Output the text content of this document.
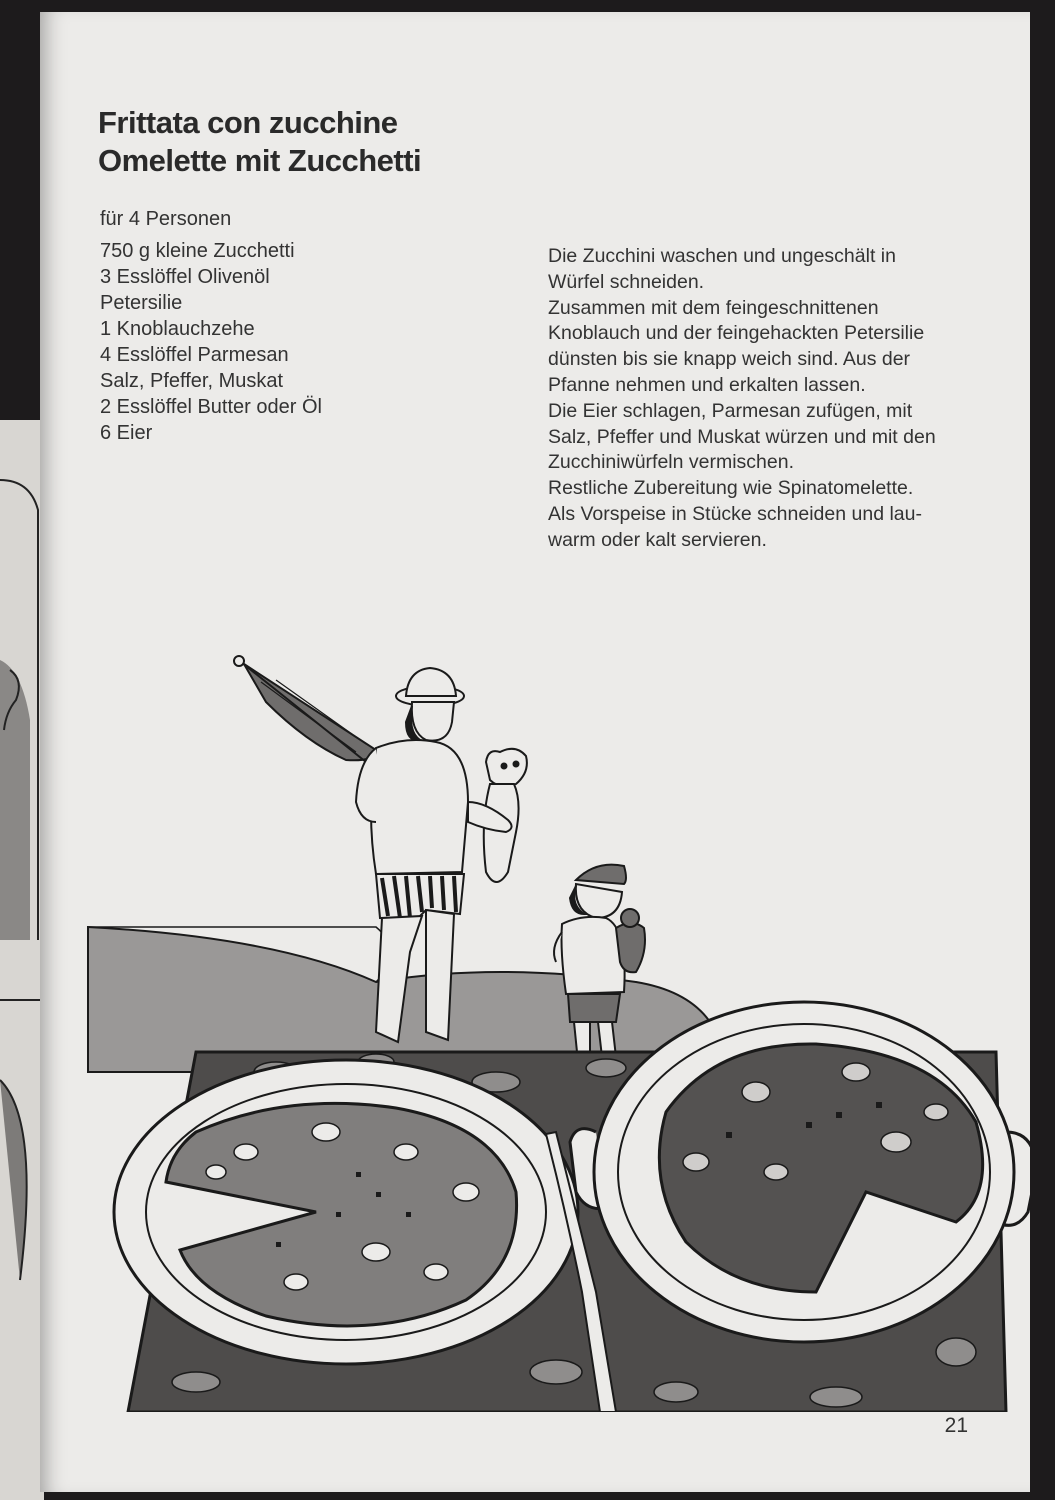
Frittata con zucchine
Omelette mit Zucchetti
für 4 Personen
750 g kleine Zucchetti
3 Esslöffel Olivenöl
Petersilie
1 Knoblauchzehe
4 Esslöffel Parmesan
Salz, Pfeffer, Muskat
2 Esslöffel Butter oder Öl
6 Eier
Die Zucchini waschen und ungeschält in
Würfel schneiden.
Zusammen mit dem feingeschnittenen
Knoblauch und der feingehackten Petersilie
dünsten bis sie knapp weich sind. Aus der
Pfanne nehmen und erkalten lassen.
Die Eier schlagen, Parmesan zufügen, mit
Salz, Pfeffer und Muskat würzen und mit den
Zucchiniwürfeln vermischen.
Restliche Zubereitung wie Spinatomelette.
Als Vorspeise in Stücke schneiden und lau-
warm oder kalt servieren.
21
